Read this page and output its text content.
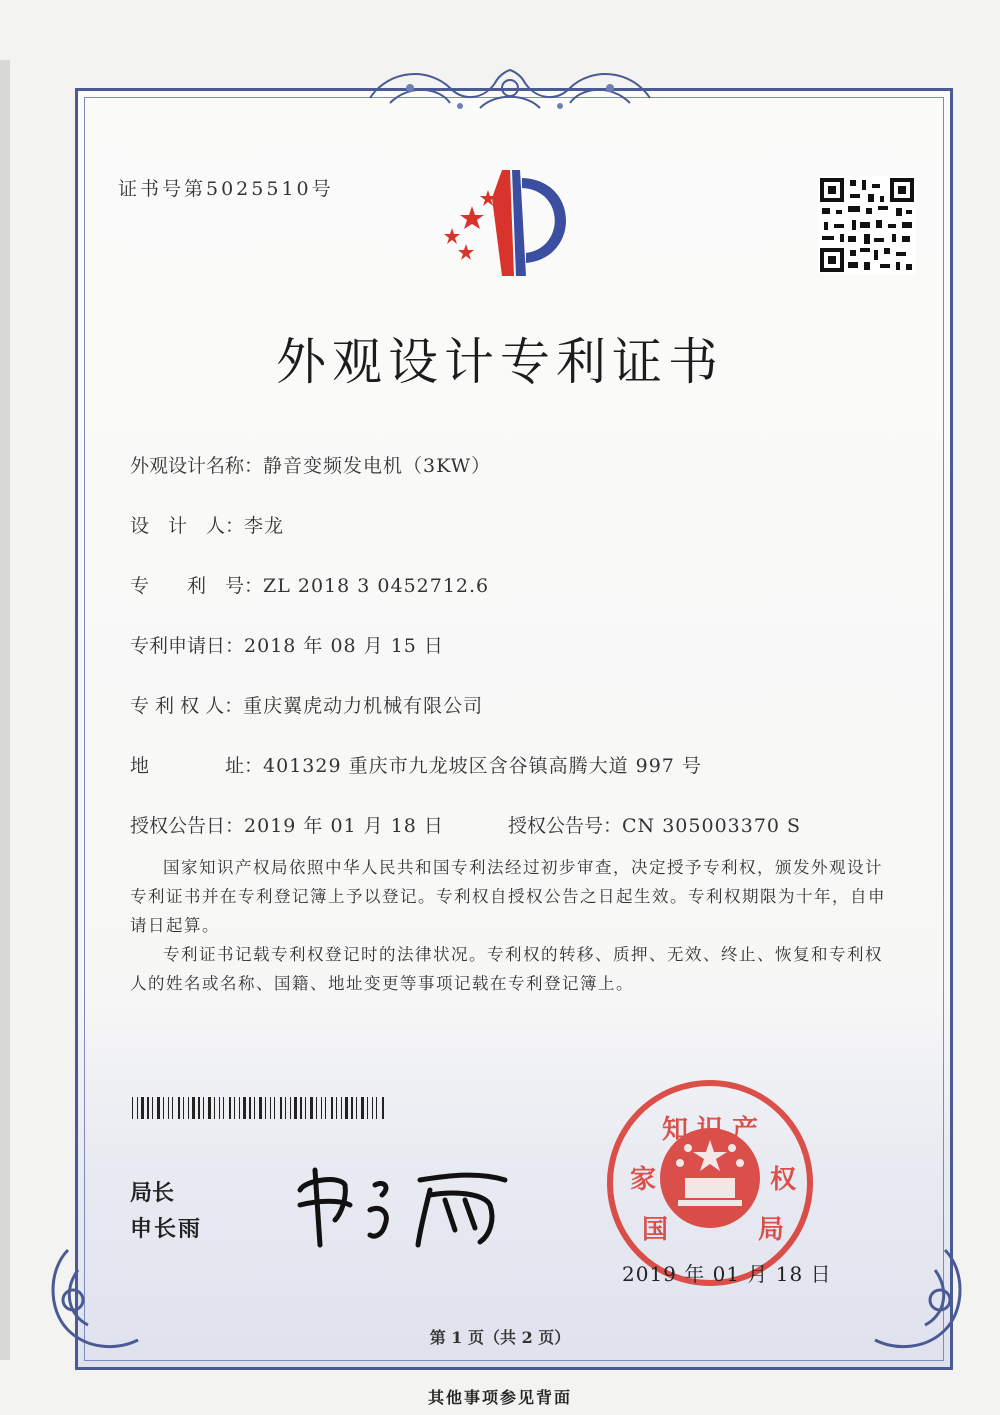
证书号第5025510号
外观设计专利证书
外观设计名称：静音变频发电机（3KW）
设　计　人：李龙
专　　利　号：ZL 2018 3 0452712.6
专利申请日：2018 年 08 月 15 日
专 利 权 人：重庆翼虎动力机械有限公司
地　　　　址：401329 重庆市九龙坡区含谷镇高腾大道 997 号
授权公告日：2019 年 01 月 18 日	授权公告号：CN 305003370 S
国家知识产权局依照中华人民共和国专利法经过初步审查，决定授予专利权，颁发外观设计专利证书并在专利登记簿上予以登记。专利权自授权公告之日起生效。专利权期限为十年，自申请日起算。
专利证书记载专利权登记时的法律状况。专利权的转移、质押、无效、终止、恢复和专利权人的姓名或名称、国籍、地址变更等事项记载在专利登记簿上。
局长
申长雨
知 识 产
家	权
国	局
2019 年 01 月 18 日
第 1 页（共 2 页）
其他事项参见背面
